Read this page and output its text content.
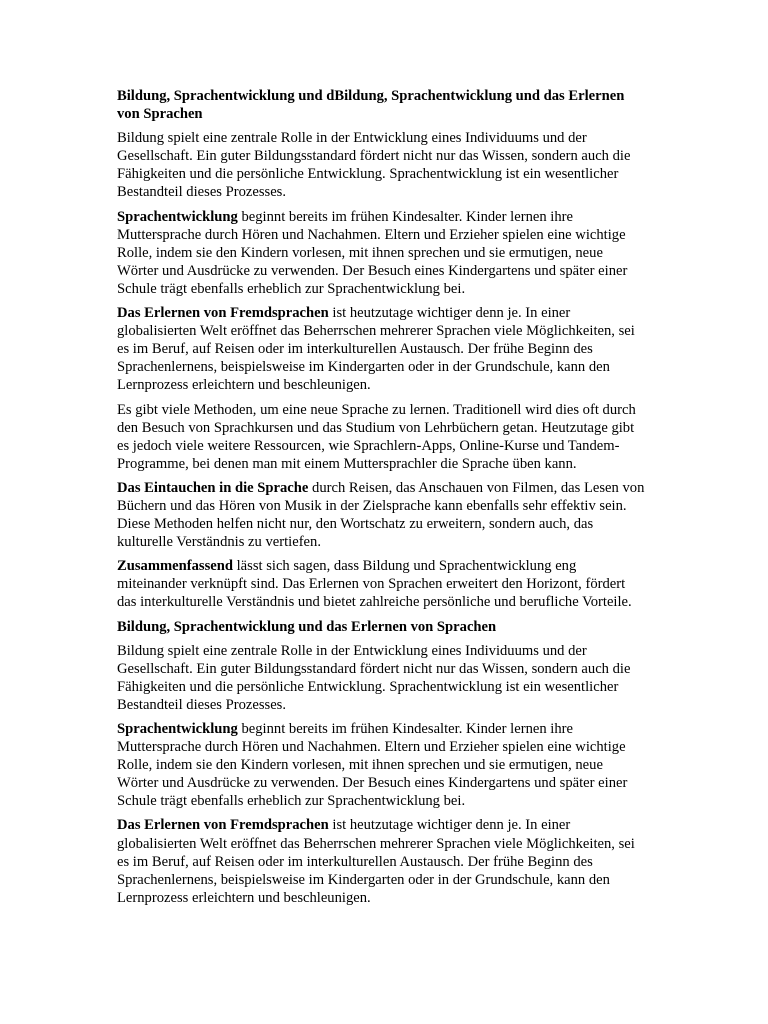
Bildung, Sprachentwicklung und dBildung, Sprachentwicklung und das Erlernen von Sprachen

Bildung spielt eine zentrale Rolle in der Entwicklung eines Individuums und der Gesellschaft. Ein guter Bildungsstandard fördert nicht nur das Wissen, sondern auch die Fähigkeiten und die persönliche Entwicklung. Sprachentwicklung ist ein wesentlicher Bestandteil dieses Prozesses.

Sprachentwicklung beginnt bereits im frühen Kindesalter. Kinder lernen ihre Muttersprache durch Hören und Nachahmen. Eltern und Erzieher spielen eine wichtige Rolle, indem sie den Kindern vorlesen, mit ihnen sprechen und sie ermutigen, neue Wörter und Ausdrücke zu verwenden. Der Besuch eines Kindergartens und später einer Schule trägt ebenfalls erheblich zur Sprachentwicklung bei.

Das Erlernen von Fremdsprachen ist heutzutage wichtiger denn je. In einer globalisierten Welt eröffnet das Beherrschen mehrerer Sprachen viele Möglichkeiten, sei es im Beruf, auf Reisen oder im interkulturellen Austausch. Der frühe Beginn des Sprachenlernens, beispielsweise im Kindergarten oder in der Grundschule, kann den Lernprozess erleichtern und beschleunigen.

Es gibt viele Methoden, um eine neue Sprache zu lernen. Traditionell wird dies oft durch den Besuch von Sprachkursen und das Studium von Lehrbüchern getan. Heutzutage gibt es jedoch viele weitere Ressourcen, wie Sprachlern-Apps, Online-Kurse und Tandem-Programme, bei denen man mit einem Muttersprachler die Sprache üben kann.

Das Eintauchen in die Sprache durch Reisen, das Anschauen von Filmen, das Lesen von Büchern und das Hören von Musik in der Zielsprache kann ebenfalls sehr effektiv sein. Diese Methoden helfen nicht nur, den Wortschatz zu erweitern, sondern auch, das kulturelle Verständnis zu vertiefen.

Zusammenfassend lässt sich sagen, dass Bildung und Sprachentwicklung eng miteinander verknüpft sind. Das Erlernen von Sprachen erweitert den Horizont, fördert das interkulturelle Verständnis und bietet zahlreiche persönliche und berufliche Vorteile.

Bildung, Sprachentwicklung und das Erlernen von Sprachen

Bildung spielt eine zentrale Rolle in der Entwicklung eines Individuums und der Gesellschaft. Ein guter Bildungsstandard fördert nicht nur das Wissen, sondern auch die Fähigkeiten und die persönliche Entwicklung. Sprachentwicklung ist ein wesentlicher Bestandteil dieses Prozesses.

Sprachentwicklung beginnt bereits im frühen Kindesalter. Kinder lernen ihre Muttersprache durch Hören und Nachahmen. Eltern und Erzieher spielen eine wichtige Rolle, indem sie den Kindern vorlesen, mit ihnen sprechen und sie ermutigen, neue Wörter und Ausdrücke zu verwenden. Der Besuch eines Kindergartens und später einer Schule trägt ebenfalls erheblich zur Sprachentwicklung bei.

Das Erlernen von Fremdsprachen ist heutzutage wichtiger denn je. In einer globalisierten Welt eröffnet das Beherrschen mehrerer Sprachen viele Möglichkeiten, sei es im Beruf, auf Reisen oder im interkulturellen Austausch. Der frühe Beginn des Sprachenlernens, beispielsweise im Kindergarten oder in der Grundschule, kann den Lernprozess erleichtern und beschleunigen.
